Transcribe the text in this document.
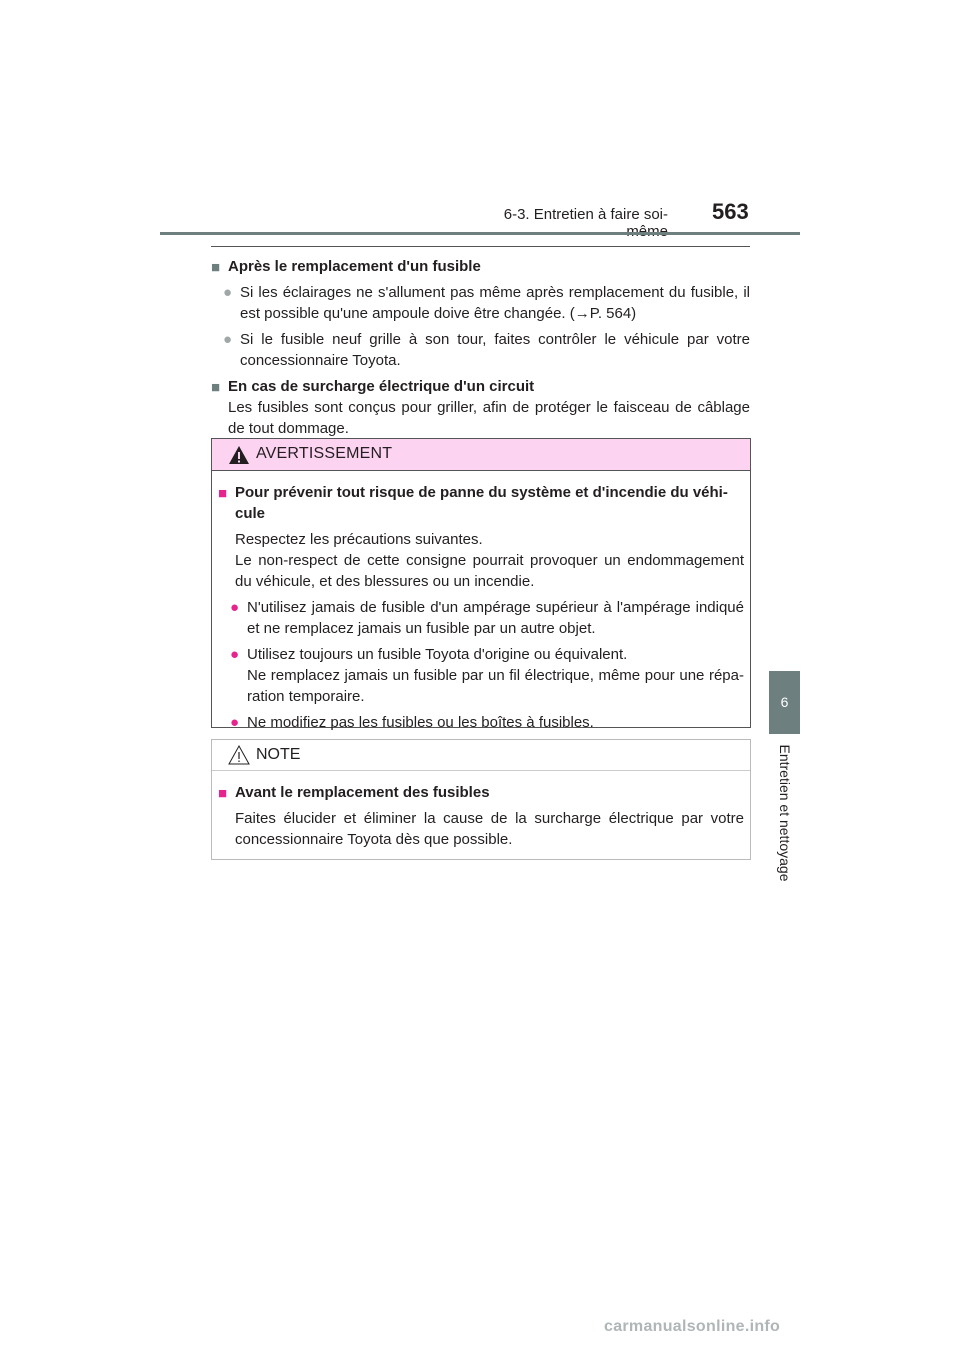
6-3. Entretien à faire soi- 563
6
Entretien et nettoyage
■ Après le remplacement d'un fusible
● Si les éclairages ne s'allument pas même après remplacement du fusible, il est possible qu'une ampoule doive être changée. (→P. 564)
● Si le fusible neuf grille à son tour, faites contrôler le véhicule par votre concessionnaire Toyota.
■ En cas de surcharge électrique d'un circuit
Les fusibles sont conçus pour griller, afin de protéger le faisceau de câblage de tout dommage.
AVERTISSEMENT
■ Pour prévenir tout risque de panne du système et d'incendie du véhi-cule
Respectez les précautions suivantes.
Le non-respect de cette consigne pourrait provoquer un endommagement du véhicule, et des blessures ou un incendie.
● N'utilisez jamais de fusible d'un ampérage supérieur à l'ampérage indiqué et ne remplacez jamais un fusible par un autre objet.
● Utilisez toujours un fusible Toyota d'origine ou équivalent.
Ne remplacez jamais un fusible par un fil électrique, même pour une répa-ration temporaire.
● Ne modifiez pas les fusibles ou les boîtes à fusibles.
NOTE
■ Avant le remplacement des fusibles
Faites élucider et éliminer la cause de la surcharge électrique par votre concessionnaire Toyota dès que possible.
carmanualsonline.info
